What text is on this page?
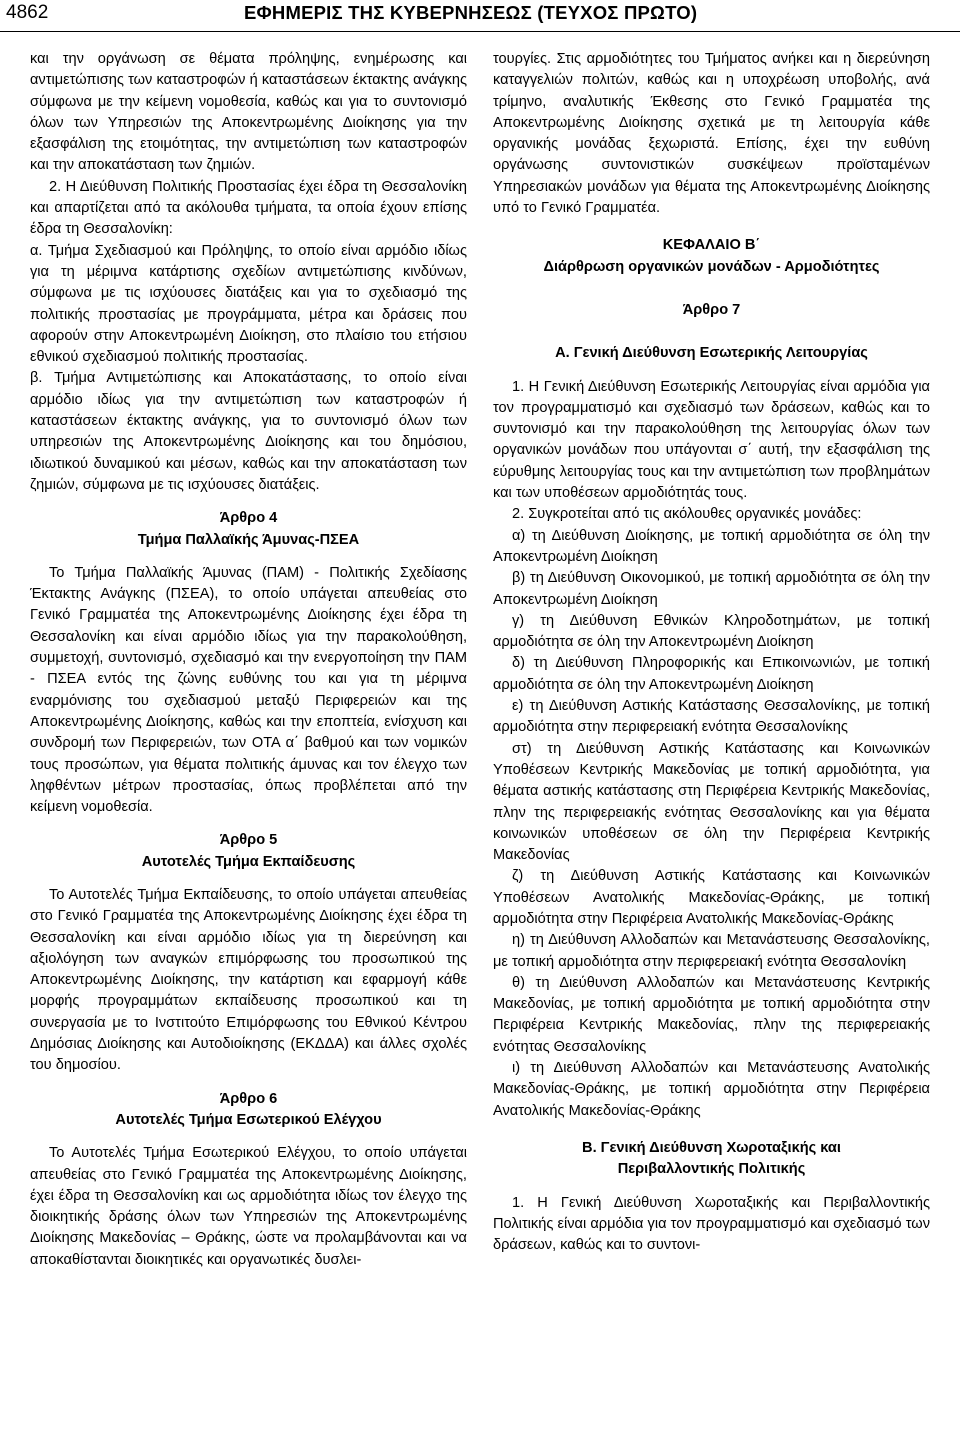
4862	ΕΦΗΜΕΡΙΣ ΤΗΣ ΚΥΒΕΡΝΗΣΕΩΣ (ΤΕΥΧΟΣ ΠΡΩΤΟ)

και την οργάνωση σε θέματα πρόληψης, ενημέρωσης και αντιμετώπισης των καταστροφών ή καταστάσεων έκτακτης ανάγκης σύμφωνα με την κείμενη νομοθεσία, καθώς και για το συντονισμό όλων των Υπηρεσιών της Αποκεντρωμένης Διοίκησης για την εξασφάλιση της ετοιμότητας, την αντιμετώπιση των καταστροφών και την αποκατάσταση των ζημιών.

2. Η Διεύθυνση Πολιτικής Προστασίας έχει έδρα τη Θεσσαλονίκη και απαρτίζεται από τα ακόλουθα τμήματα, τα οποία έχουν επίσης έδρα τη Θεσσαλονίκη:

α. Τμήμα Σχεδιασμού και Πρόληψης, το οποίο είναι αρμόδιο ιδίως για τη μέριμνα κατάρτισης σχεδίων αντιμετώπισης κινδύνων, σύμφωνα με τις ισχύουσες διατάξεις και για το σχεδιασμό της πολιτικής προστασίας με προγράμματα, μέτρα και δράσεις που αφορούν στην Αποκεντρωμένη Διοίκηση, στο πλαίσιο του ετήσιου εθνικού σχεδιασμού πολιτικής προστασίας.

β. Τμήμα Αντιμετώπισης και Αποκατάστασης, το οποίο είναι αρμόδιο ιδίως για την αντιμετώπιση των καταστροφών ή καταστάσεων έκτακτης ανάγκης, για το συντονισμό όλων των υπηρεσιών της Αποκεντρωμένης Διοίκησης και του δημόσιου, ιδιωτικού δυναμικού και μέσων, καθώς και την αποκατάσταση των ζημιών, σύμφωνα με τις ισχύουσες διατάξεις.

Άρθρο 4
Τμήμα Παλλαϊκής Άμυνας-ΠΣΕΑ

Το Τμήμα Παλλαϊκής Άμυνας (ΠΑΜ) - Πολιτικής Σχεδίασης Έκτακτης Ανάγκης (ΠΣΕΑ), το οποίο υπάγεται απευθείας στο Γενικό Γραμματέα της Αποκεντρωμένης Διοίκησης έχει έδρα τη Θεσσαλονίκη και είναι αρμόδιο ιδίως για την παρακολούθηση, συμμετοχή, συντονισμό, σχεδιασμό και την ενεργοποίηση την ΠΑΜ - ΠΣΕΑ εντός της ζώνης ευθύνης του και για τη μέριμνα εναρμόνισης του σχεδιασμού μεταξύ Περιφερειών και της Αποκεντρωμένης Διοίκησης, καθώς και την εποπτεία, ενίσχυση και συνδρομή των Περιφερειών, των ΟΤΑ α΄ βαθμού και των νομικών τους προσώπων, για θέματα πολιτικής άμυνας και τον έλεγχο των ληφθέντων μέτρων προστασίας, όπως προβλέπεται από την κείμενη νομοθεσία.

Άρθρο 5
Αυτοτελές Τμήμα Εκπαίδευσης

Το Αυτοτελές Τμήμα Εκπαίδευσης, το οποίο υπάγεται απευθείας στο Γενικό Γραμματέα της Αποκεντρωμένης Διοίκησης έχει έδρα τη Θεσσαλονίκη και είναι αρμόδιο ιδίως για τη διερεύνηση και αξιολόγηση των αναγκών επιμόρφωσης του προσωπικού της Αποκεντρωμένης Διοίκησης, την κατάρτιση και εφαρμογή κάθε μορφής προγραμμάτων εκπαίδευσης προσωπικού και τη συνεργασία με το Ινστιτούτο Επιμόρφωσης του Εθνικού Κέντρου Δημόσιας Διοίκησης και Αυτοδιοίκησης (ΕΚΔΔΑ) και άλλες σχολές του δημοσίου.

Άρθρο 6
Αυτοτελές Τμήμα Εσωτερικού Ελέγχου

Το Αυτοτελές Τμήμα Εσωτερικού Ελέγχου, το οποίο υπάγεται απευθείας στο Γενικό Γραμματέα της Αποκεντρωμένης Διοίκησης, έχει έδρα τη Θεσσαλονίκη και ως αρμοδιότητα ιδίως τον έλεγχο της διοικητικής δράσης όλων των Υπηρεσιών της Αποκεντρωμένης Διοίκησης Μακεδονίας – Θράκης, ώστε να προλαμβάνονται και να αποκαθίστανται διοικητικές και οργανωτικές δυσλει-

τουργίες. Στις αρμοδιότητες του Τμήματος ανήκει και η διερεύνηση καταγγελιών πολιτών, καθώς και η υποχρέωση υποβολής, ανά τρίμηνο, αναλυτικής Έκθεσης στο Γενικό Γραμματέα της Αποκεντρωμένης Διοίκησης σχετικά με τη λειτουργία κάθε οργανικής μονάδας ξεχωριστά. Επίσης, έχει την ευθύνη οργάνωσης συντονιστικών συσκέψεων προϊσταμένων Υπηρεσιακών μονάδων για θέματα της Αποκεντρωμένης Διοίκησης υπό το Γενικό Γραμματέα.

ΚΕΦΑΛΑΙΟ Β΄
Διάρθρωση οργανικών μονάδων - Αρμοδιότητες
Άρθρο 7
Α. Γενική Διεύθυνση Εσωτερικής Λειτουργίας

1. Η Γενική Διεύθυνση Εσωτερικής Λειτουργίας είναι αρμόδια για τον προγραμματισμό και σχεδιασμό των δράσεων, καθώς και το συντονισμό και την παρακολούθηση της λειτουργίας όλων των οργανικών μονάδων που υπάγονται σ΄ αυτή, την εξασφάλιση της εύρυθμης λειτουργίας τους και την αντιμετώπιση των προβλημάτων και των υποθέσεων αρμοδιότητάς τους.

2. Συγκροτείται από τις ακόλουθες οργανικές μονάδες:

α) τη Διεύθυνση Διοίκησης, με τοπική αρμοδιότητα σε όλη την Αποκεντρωμένη Διοίκηση

β) τη Διεύθυνση Οικονομικού, με τοπική αρμοδιότητα σε όλη την Αποκεντρωμένη Διοίκηση

γ) τη Διεύθυνση Εθνικών Κληροδοτημάτων, με τοπική αρμοδιότητα σε όλη την Αποκεντρωμένη Διοίκηση

δ) τη Διεύθυνση Πληροφορικής και Επικοινωνιών, με τοπική αρμοδιότητα σε όλη την Αποκεντρωμένη Διοίκηση

ε) τη Διεύθυνση Αστικής Κατάστασης Θεσσαλονίκης, με τοπική αρμοδιότητα στην περιφερειακή ενότητα Θεσσαλονίκης

στ) τη Διεύθυνση Αστικής Κατάστασης και Κοινωνικών Υποθέσεων Κεντρικής Μακεδονίας με τοπική αρμοδιότητα, για θέματα αστικής κατάστασης στη Περιφέρεια Κεντρικής Μακεδονίας, πλην της περιφερειακής ενότητας Θεσσαλονίκης και για θέματα κοινωνικών υποθέσεων σε όλη την Περιφέρεια Κεντρικής Μακεδονίας

ζ) τη Διεύθυνση Αστικής Κατάστασης και Κοινωνικών Υποθέσεων Ανατολικής Μακεδονίας-Θράκης, με τοπική αρμοδιότητα στην Περιφέρεια Ανατολικής Μακεδονίας-Θράκης

η) τη Διεύθυνση Αλλοδαπών και Μετανάστευσης Θεσσαλονίκης, με τοπική αρμοδιότητα στην περιφερειακή ενότητα Θεσσαλονίκη

θ) τη Διεύθυνση Αλλοδαπών και Μετανάστευσης Κεντρικής Μακεδονίας, με τοπική αρμοδιότητα με τοπική αρμοδιότητα στην Περιφέρεια Κεντρικής Μακεδονίας, πλην της περιφερειακής ενότητας Θεσσαλονίκης

ι) τη Διεύθυνση Αλλοδαπών και Μετανάστευσης Ανατολικής Μακεδονίας-Θράκης, με τοπική αρμοδιότητα στην Περιφέρεια Ανατολικής Μακεδονίας-Θράκης

Β. Γενική Διεύθυνση Χωροταξικής και
Περιβαλλοντικής Πολιτικής

1. Η Γενική Διεύθυνση Χωροταξικής και Περιβαλλοντικής Πολιτικής είναι αρμόδια για τον προγραμματισμό και σχεδιασμό των δράσεων, καθώς και το συντονι-
